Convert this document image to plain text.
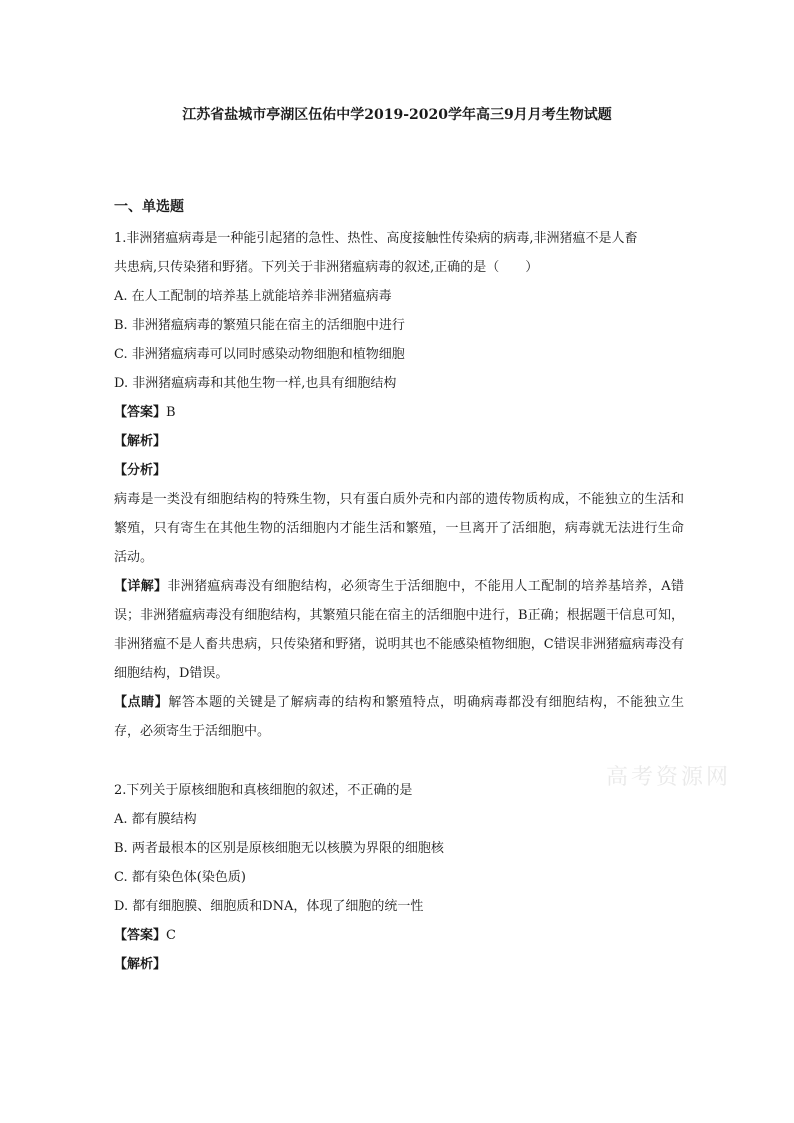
江苏省盐城市亭湖区伍佑中学2019-2020学年高三9月月考生物试题

一、单选题

1.非洲猪瘟病毒是一种能引起猪的急性、热性、高度接触性传染病的病毒,非洲猪瘟不是人畜

共患病,只传染猪和野猪。下列关于非洲猪瘟病毒的叙述,正确的是（　　）

A. 在人工配制的培养基上就能培养非洲猪瘟病毒

B. 非洲猪瘟病毒的繁殖只能在宿主的活细胞中进行

C. 非洲猪瘟病毒可以同时感染动物细胞和植物细胞

D. 非洲猪瘟病毒和其他生物一样,也具有细胞结构

【答案】B

【解析】

【分析】

病毒是一类没有细胞结构的特殊生物，只有蛋白质外壳和内部的遗传物质构成，不能独立的生活和繁殖，只有寄生在其他生物的活细胞内才能生活和繁殖，一旦离开了活细胞，病毒就无法进行生命活动。

【详解】非洲猪瘟病毒没有细胞结构，必须寄生于活细胞中，不能用人工配制的培养基培养，A错误；非洲猪瘟病毒没有细胞结构，其繁殖只能在宿主的活细胞中进行，B正确；根据题干信息可知，非洲猪瘟不是人畜共患病，只传染猪和野猪，说明其也不能感染植物细胞，C错误非洲猪瘟病毒没有细胞结构，D错误。

【点睛】解答本题的关键是了解病毒的结构和繁殖特点，明确病毒都没有细胞结构，不能独立生存，必须寄生于活细胞中。

2.下列关于原核细胞和真核细胞的叙述，不正确的是

A. 都有膜结构

B. 两者最根本的区别是原核细胞无以核膜为界限的细胞核

C. 都有染色体(染色质)

D. 都有细胞膜、细胞质和DNA，体现了细胞的统一性

【答案】C

【解析】

高考资源网
